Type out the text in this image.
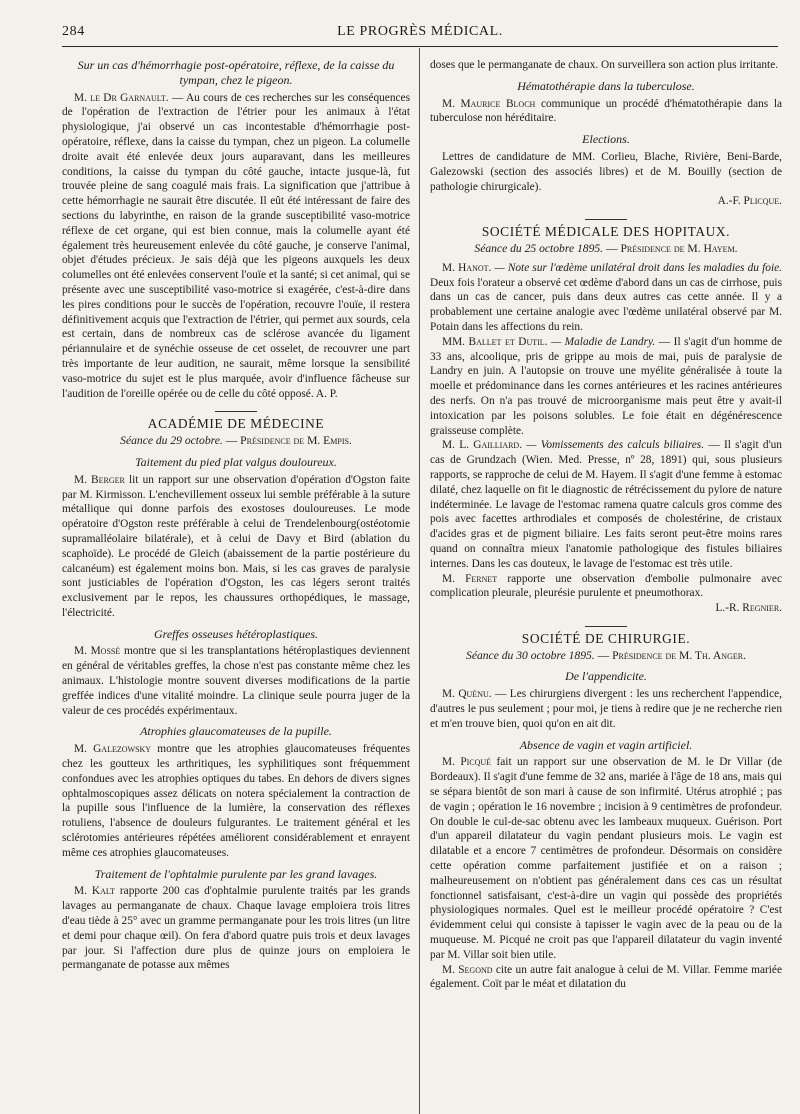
284	LE PROGRÈS MÉDICAL.
Sur un cas d'hémorrhagie post-opératoire, réflexe, de la caisse du tympan, chez le pigeon.

M. le Dr Garnault. — Au cours de ces recherches sur les conséquences de l'opération de l'extraction de l'étrier pour les animaux à l'état physiologique, j'ai observé un cas incontestable d'hémorrhagie post-opératoire, réflexe, dans la caisse du tympan, chez un pigeon. La columelle droite avait été enlevée deux jours auparavant, dans les meilleures conditions, la caisse du tympan du côté gauche, intacte jusque-là, fut trouvée pleine de sang coagulé mais frais. La signification que j'attribue à cette hémorrhagie ne saurait être discutée. Il eût été intéressant de faire des sections du labyrinthe, en raison de la grande susceptibilité vaso-motrice réflexe de cet organe, qui est bien connue, mais la columelle ayant été également très heureusement enlevée du côté gauche, je conserve l'animal, objet d'études précieux. Je sais déjà que les pigeons auxquels les deux columelles ont été enlevées conservent l'ouïe et la santé; si cet animal, qui se présente avec une susceptibilité vaso-motrice si exagérée, c'est-à-dire dans les pires conditions pour le succès de l'opération, recouvre l'ouïe, il restera définitivement acquis que l'extraction de l'étrier, qui permet aux sourds, cela est certain, dans de nombreux cas de sclérose avancée du ligament périannulaire et de synéchie osseuse de cet osselet, de recouvrer une part très importante de leur audition, ne saurait, même lorsque la sensibilité vaso-motrice du sujet est le plus marquée, avoir d'influence fâcheuse sur l'audition de l'oreille opérée ou de celle du côté opposé. A. P.

ACADÉMIE DE MÉDECINE
Séance du 29 octobre. — Présidence de M. Empis.
Taitement du pied plat valgus douloureux.

M. Berger lit un rapport sur une observation d'opération d'Ogston faite par M. Kirmisson. L'enchevillement osseux lui semble préférable à la suture métallique qui donne parfois des exostoses douloureuses. Le mode opératoire d'Ogston reste préférable à celui de Trendelenbourg(ostéotomie supramalléolaire bilatérale), et à celui de Davy et Bird (ablation du scaphoïde). Le procédé de Gleich (abaissement de la partie postérieure du calcanéum) est également moins bon. Mais, si les cas graves de paralysie sont justiciables de l'opération d'Ogston, les cas légers seront traités exclusivement par le repos, les chaussures orthopédiques, le massage, l'électricité.

Greffes osseuses hétéroplastiques.

M. Mossé montre que si les transplantations hétéroplastiques deviennent en général de véritables greffes, la chose n'est pas constante même chez les animaux. L'histologie montre souvent diverses modifications de la partie greffée indices d'une vitalité moindre. La clinique seule pourra juger de la valeur de ces procédés expérimentaux.

Atrophies glaucomateuses de la pupille.

M. Galezowsky montre que les atrophies glaucomateuses fréquentes chez les goutteux les arthritiques, les syphilitiques sont fréquemment confondues avec les atrophies optiques du tabes. En dehors de divers signes ophtalmoscopiques assez délicats on notera spécialement la contraction de la pupille sous l'influence de la lumière, la conservation des réflexes rotuliens, l'absence de douleurs fulgurantes. Le traitement général et les sclérotomies antérieures répétées améliorent considérablement et enrayent même ces atrophies glaucomateuses.

Traitement de l'ophtalmie purulente par les grand lavages.

M. Kalt rapporte 200 cas d'ophtalmie purulente traités par les grands lavages au permanganate de chaux. Chaque lavage emploiera trois litres d'eau tiède à 25° avec un gramme permanganate pour les trois litres (un litre et demi pour chaque œil). On fera d'abord quatre puis trois et deux lavages par jour. Si l'affection dure plus de quinze jours on emploiera le permanganate de potasse aux mêmes

doses que le permanganate de chaux. On surveillera son action plus irritante.

Hématothérapie dans la tuberculose.

M. Maurice Bloch communique un procédé d'hématothérapie dans la tuberculose non héréditaire.

Elections.

Lettres de candidature de MM. Corlieu, Blache, Rivière, Beni-Barde, Galezowski (section des associés libres) et de M. Bouilly (section de pathologie chirurgicale).

A.-F. Plicque.

SOCIÉTÉ MÉDICALE DES HOPITAUX.
Séance du 25 octobre 1895. — Présidence de M. Hayem.

M. Hanot. — Note sur l'œdème unilatéral droit dans les maladies du foie. Deux fois l'orateur a observé cet œdème d'abord dans un cas de cirrhose, puis dans un cas de cancer, puis dans deux autres cas cette année. Il y a probablement une certaine analogie avec l'œdème unilatéral observé par M. Potain dans les affections du rein.

MM. Ballet et Dutil. — Maladie de Landry. — Il s'agit d'un homme de 33 ans, alcoolique, pris de grippe au mois de mai, puis de paralysie de Landry en juin. A l'autopsie on trouve une myélite généralisée à toute la moelle et prédominance dans les cornes antérieures et les racines antérieures des nerfs. On n'a pas trouvé de microorganisme mais peut être y avait-il intoxication par les poisons solubles. Le foie était en dégénérescence graisseuse complète.

M. L. Gailliard. — Vomissements des calculs biliaires. — Il s'agit d'un cas de Grundzach (Wien. Med. Presse, nº 28, 1891) qui, sous plusieurs rapports, se rapproche de celui de M. Hayem. Il s'agit d'une femme à estomac dilaté, chez laquelle on fit le diagnostic de rétrécissement du pylore de nature indéterminée. Le lavage de l'estomac ramena quatre calculs gros comme des pois avec facettes arthrodiales et composés de cholestérine, de cristaux d'acides gras et de pigment biliaire. Les faits seront peut-être moins rares quand on connaîtra mieux l'anatomie pathologique des fistules biliaires internes. Dans les cas douteux, le lavage de l'estomac est très utile.

M. Fernet rapporte une observation d'embolie pulmonaire avec complication pleurale, pleurésie purulente et pneumothorax.

L.-R. Regnier.

SOCIÉTÉ DE CHIRURGIE.
Séance du 30 octobre 1895. — Présidence de M. Th. Anger.
De l'appendicite.

M. Quénu. — Les chirurgiens divergent : les uns recherchent l'appendice, d'autres le pus seulement ; pour moi, je tiens à redire que je ne recherche rien et m'en trouve bien, quoi qu'on en ait dit.

Absence de vagin et vagin artificiel.

M. Picqué fait un rapport sur une observation de M. le Dr Villar (de Bordeaux). Il s'agit d'une femme de 32 ans, mariée à l'âge de 18 ans, mais qui se sépara bientôt de son mari à cause de son infirmité. Utérus atrophié ; pas de vagin ; opération le 16 novembre ; incision à 9 centimètres de profondeur. On double le cul-de-sac obtenu avec les lambeaux muqueux. Guérison. Port d'un appareil dilatateur du vagin pendant plusieurs mois. Le vagin est dilatable et a encore 7 centimètres de profondeur. Désormais on considère cette opération comme parfaitement justifiée et on a raison ; malheureusement on n'obtient pas généralement dans ces cas un résultat fonctionnel satisfaisant, c'est-à-dire un vagin qui possède des propriétés physiologiques normales. Quel est le meilleur procédé opératoire ? C'est évidemment celui qui consiste à tapisser le vagin avec de la peau ou de la muqueuse. M. Picqué ne croit pas que l'appareil dilatateur du vagin inventé par M. Villar soit bien utile.

M. Segond cite un autre fait analogue à celui de M. Villar. Femme mariée également. Coït par le méat et dilatation du
